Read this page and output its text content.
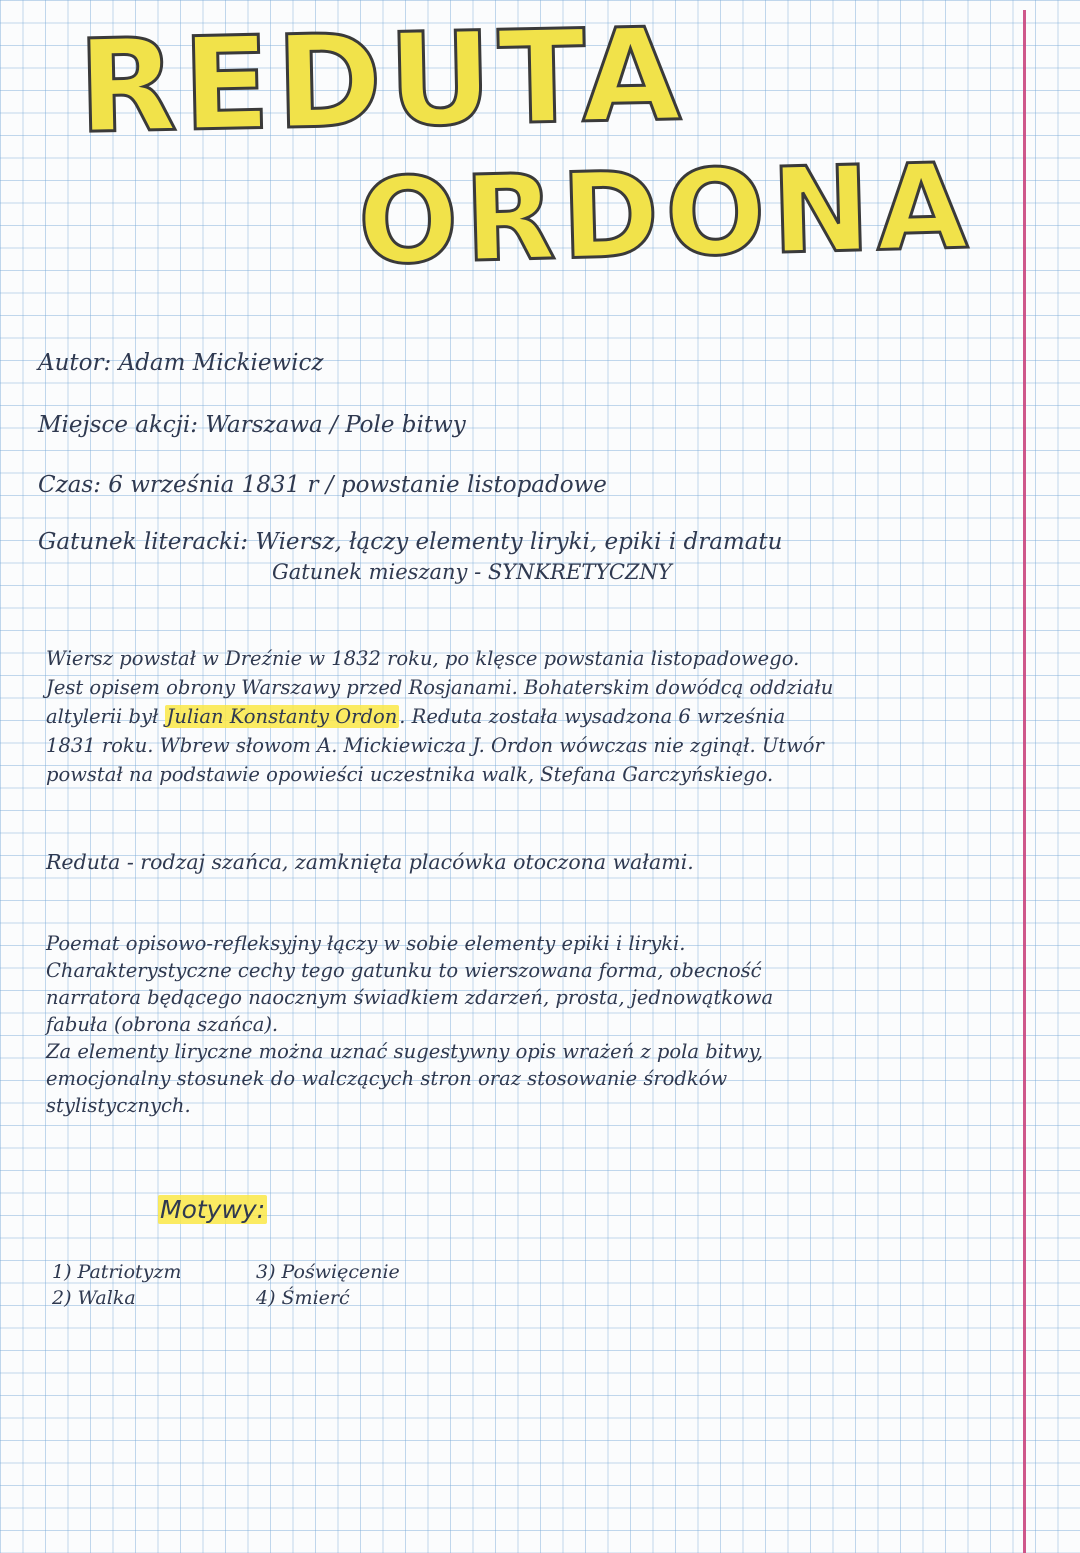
REDUTA
ORDONA
Autor: Adam Mickiewicz
Miejsce akcji: Warszawa / Pole bitwy
Czas: 6 września 1831 r / powstanie listopadowe
Gatunek literacki: Wiersz, łączy elementy liryki, epiki i dramatu
Gatunek mieszany - SYNKRETYCZNY
Wiersz powstał w Dreźnie w 1832 roku, po klęsce powstania listopadowego.
Jest opisem obrony Warszawy przed Rosjanami. Bohaterskim dowódcą oddziału
altylerii był Julian Konstanty Ordon . Reduta została wysadzona 6 września
1831 roku. Wbrew słowom A. Mickiewicza J. Ordon wówczas nie zginął. Utwór
powstał na podstawie opowieści uczestnika walk, Stefana Garczyńskiego.
Reduta - rodzaj szańca, zamknięta placówka otoczona wałami.
Poemat opisowo-refleksyjny łączy w sobie elementy epiki i liryki.
Charakterystyczne cechy tego gatunku to wierszowana forma, obecność
narratora będącego naocznym świadkiem zdarzeń, prosta, jednowątkowa
fabuła (obrona szańca).
Za elementy liryczne można uznać sugestywny opis wrażeń z pola bitwy,
emocjonalny stosunek do walczących stron oraz stosowanie środków
stylistycznych.
Motywy:
1) Patriotyzm
2) Walka
3) Poświęcenie
4) Śmierć
